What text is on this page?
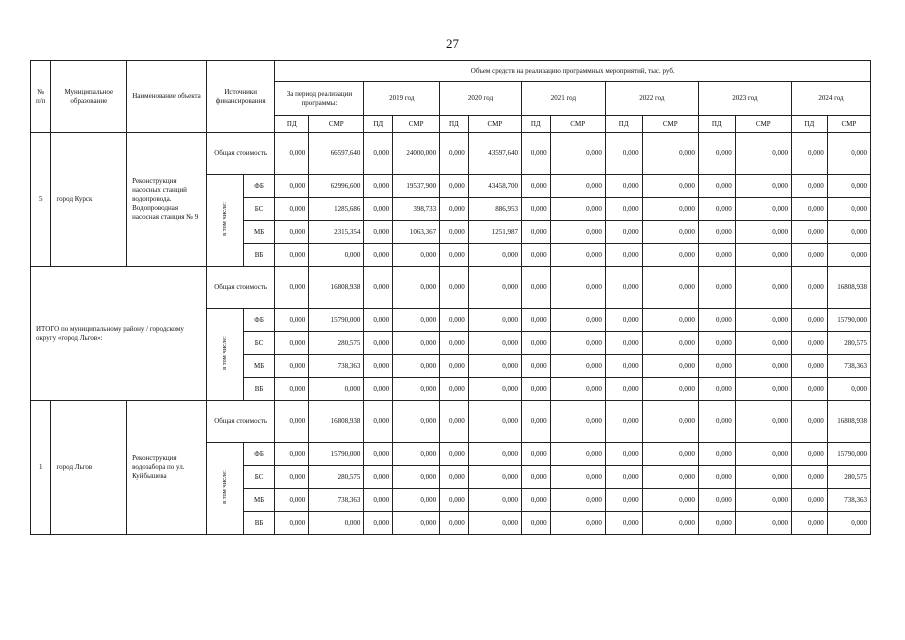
27
№
п/п	Муниципальное образование	Наименование объекта	Источники финансирования		Объем средств на реализацию программных мероприятий, тыс. руб.													
					За период реализации программы:		2019 год		2020 год		2021 год		2022 год		2023 год		2024 год	
					ПД	СМР	ПД	СМР	ПД	СМР	ПД	СМР	ПД	СМР	ПД	СМР	ПД	СМР
5	город Курск	Реконструкция насосных станций водопровода. Водопроводная насосная станция № 9	Общая стоимость		0,000	66597,640	0,000	24000,000	0,000	43597,640	0,000	0,000	0,000	0,000	0,000	0,000	0,000	0,000
			в том числе:	ФБ	0,000	62996,600	0,000	19537,900	0,000	43458,700	0,000	0,000	0,000	0,000	0,000	0,000	0,000	0,000
				БС	0,000	1285,686	0,000	398,733	0,000	886,953	0,000	0,000	0,000	0,000	0,000	0,000	0,000	0,000
				МБ	0,000	2315,354	0,000	1063,367	0,000	1251,987	0,000	0,000	0,000	0,000	0,000	0,000	0,000	0,000
				ВБ	0,000	0,000	0,000	0,000	0,000	0,000	0,000	0,000	0,000	0,000	0,000	0,000	0,000	0,000
ИТОГО по муниципальному району / городскому округу «город Льгов»:			Общая стоимость		0,000	16808,938	0,000	0,000	0,000	0,000	0,000	0,000	0,000	0,000	0,000	0,000	0,000	16808,938
			в том числе:	ФБ	0,000	15790,000	0,000	0,000	0,000	0,000	0,000	0,000	0,000	0,000	0,000	0,000	0,000	15790,000
				БС	0,000	280,575	0,000	0,000	0,000	0,000	0,000	0,000	0,000	0,000	0,000	0,000	0,000	280,575
				МБ	0,000	738,363	0,000	0,000	0,000	0,000	0,000	0,000	0,000	0,000	0,000	0,000	0,000	738,363
				ВБ	0,000	0,000	0,000	0,000	0,000	0,000	0,000	0,000	0,000	0,000	0,000	0,000	0,000	0,000
1	город Льгов	Реконструкция водозабора по ул. Куйбышева	Общая стоимость		0,000	16808,938	0,000	0,000	0,000	0,000	0,000	0,000	0,000	0,000	0,000	0,000	0,000	16808,938
			в том числе:	ФБ	0,000	15790,000	0,000	0,000	0,000	0,000	0,000	0,000	0,000	0,000	0,000	0,000	0,000	15790,000
				БС	0,000	280,575	0,000	0,000	0,000	0,000	0,000	0,000	0,000	0,000	0,000	0,000	0,000	280,575
				МБ	0,000	738,363	0,000	0,000	0,000	0,000	0,000	0,000	0,000	0,000	0,000	0,000	0,000	738,363
				ВБ	0,000	0,000	0,000	0,000	0,000	0,000	0,000	0,000	0,000	0,000	0,000	0,000	0,000	0,000
